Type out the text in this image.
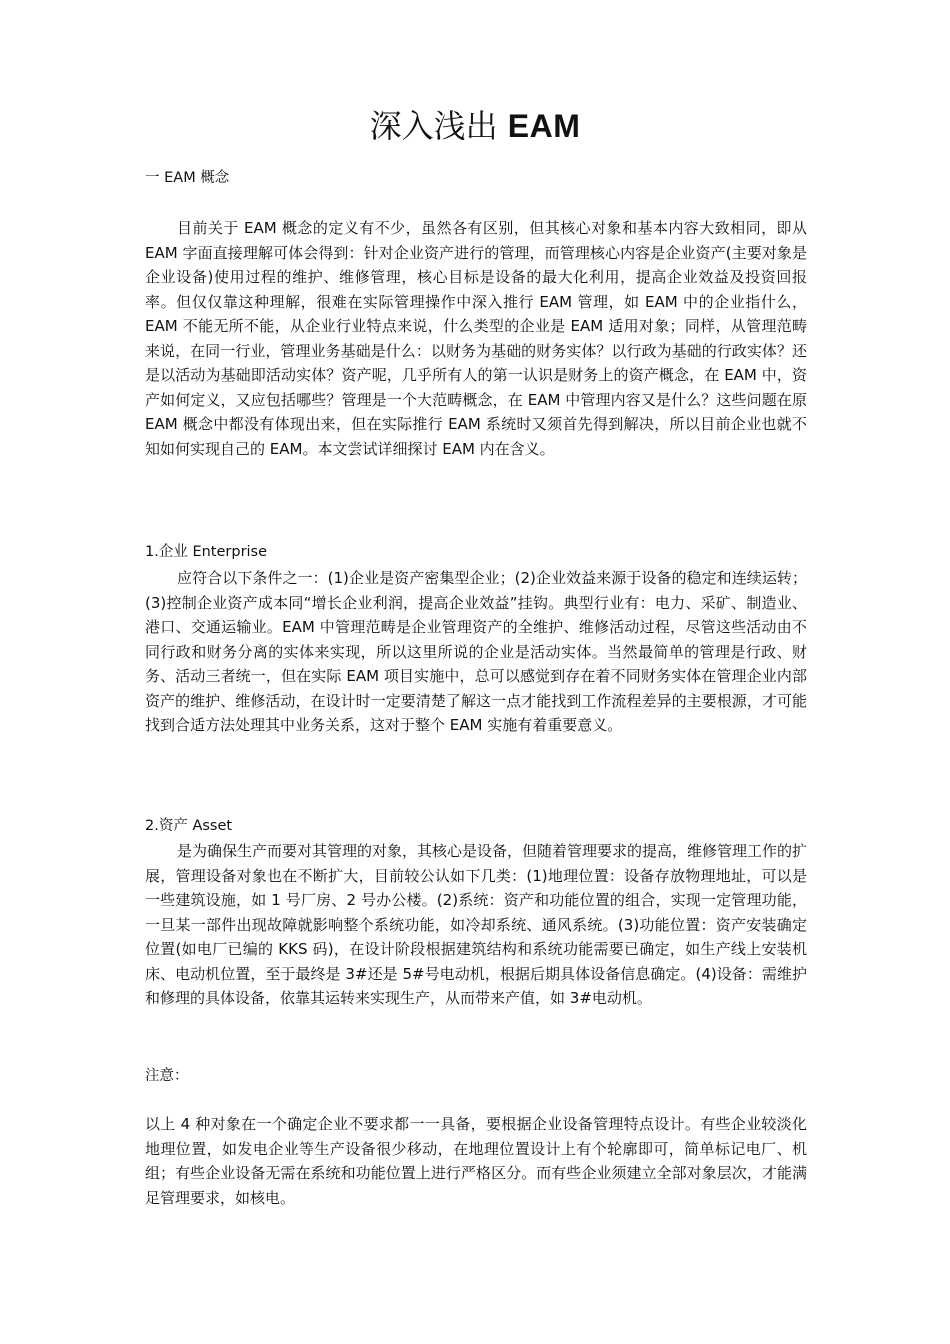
深入浅出 EAM

一 EAM 概念

目前关于 EAM 概念的定义有不少，虽然各有区别，但其核心对象和基本内容大致相同，即从 EAM 字面直接理解可体会得到：针对企业资产进行的管理，而管理核心内容是企业资产(主要对象是企业设备)使用过程的维护、维修管理，核心目标是设备的最大化利用，提高企业效益及投资回报率。但仅仅靠这种理解，很难在实际管理操作中深入推行 EAM 管理，如 EAM 中的企业指什么，EAM 不能无所不能，从企业行业特点来说，什么类型的企业是 EAM 适用对象；同样，从管理范畴来说，在同一行业，管理业务基础是什么：以财务为基础的财务实体？以行政为基础的行政实体？还是以活动为基础即活动实体？资产呢，几乎所有人的第一认识是财务上的资产概念，在 EAM 中，资产如何定义，又应包括哪些？管理是一个大范畴概念，在 EAM 中管理内容又是什么？这些问题在原 EAM 概念中都没有体现出来，但在实际推行 EAM 系统时又须首先得到解决，所以目前企业也就不知如何实现自己的 EAM。本文尝试详细探讨 EAM 内在含义。

1.企业 Enterprise

应符合以下条件之一：(1)企业是资产密集型企业；(2)企业效益来源于设备的稳定和连续运转；(3)控制企业资产成本同“增长企业利润，提高企业效益”挂钩。典型行业有：电力、采矿、制造业、港口、交通运输业。EAM 中管理范畴是企业管理资产的全维护、维修活动过程，尽管这些活动由不同行政和财务分离的实体来实现，所以这里所说的企业是活动实体。当然最简单的管理是行政、财务、活动三者统一，但在实际 EAM 项目实施中，总可以感觉到存在着不同财务实体在管理企业内部资产的维护、维修活动，在设计时一定要清楚了解这一点才能找到工作流程差异的主要根源，才可能找到合适方法处理其中业务关系，这对于整个 EAM 实施有着重要意义。

2.资产 Asset

是为确保生产而要对其管理的对象，其核心是设备，但随着管理要求的提高，维修管理工作的扩展，管理设备对象也在不断扩大，目前较公认如下几类：(1)地理位置：设备存放物理地址，可以是一些建筑设施，如 1 号厂房、2 号办公楼。(2)系统：资产和功能位置的组合，实现一定管理功能，一旦某一部件出现故障就影响整个系统功能，如冷却系统、通风系统。(3)功能位置：资产安装确定位置(如电厂已编的 KKS 码)，在设计阶段根据建筑结构和系统功能需要已确定，如生产线上安装机床、电动机位置，至于最终是 3#还是 5#号电动机，根据后期具体设备信息确定。(4)设备：需维护和修理的具体设备，依靠其运转来实现生产，从而带来产值，如 3#电动机。

注意：

以上 4 种对象在一个确定企业不要求都一一具备，要根据企业设备管理特点设计。有些企业较淡化地理位置，如发电企业等生产设备很少移动，在地理位置设计上有个轮廓即可，简单标记电厂、机组；有些企业设备无需在系统和功能位置上进行严格区分。而有些企业须建立全部对象层次，才能满足管理要求，如核电。
